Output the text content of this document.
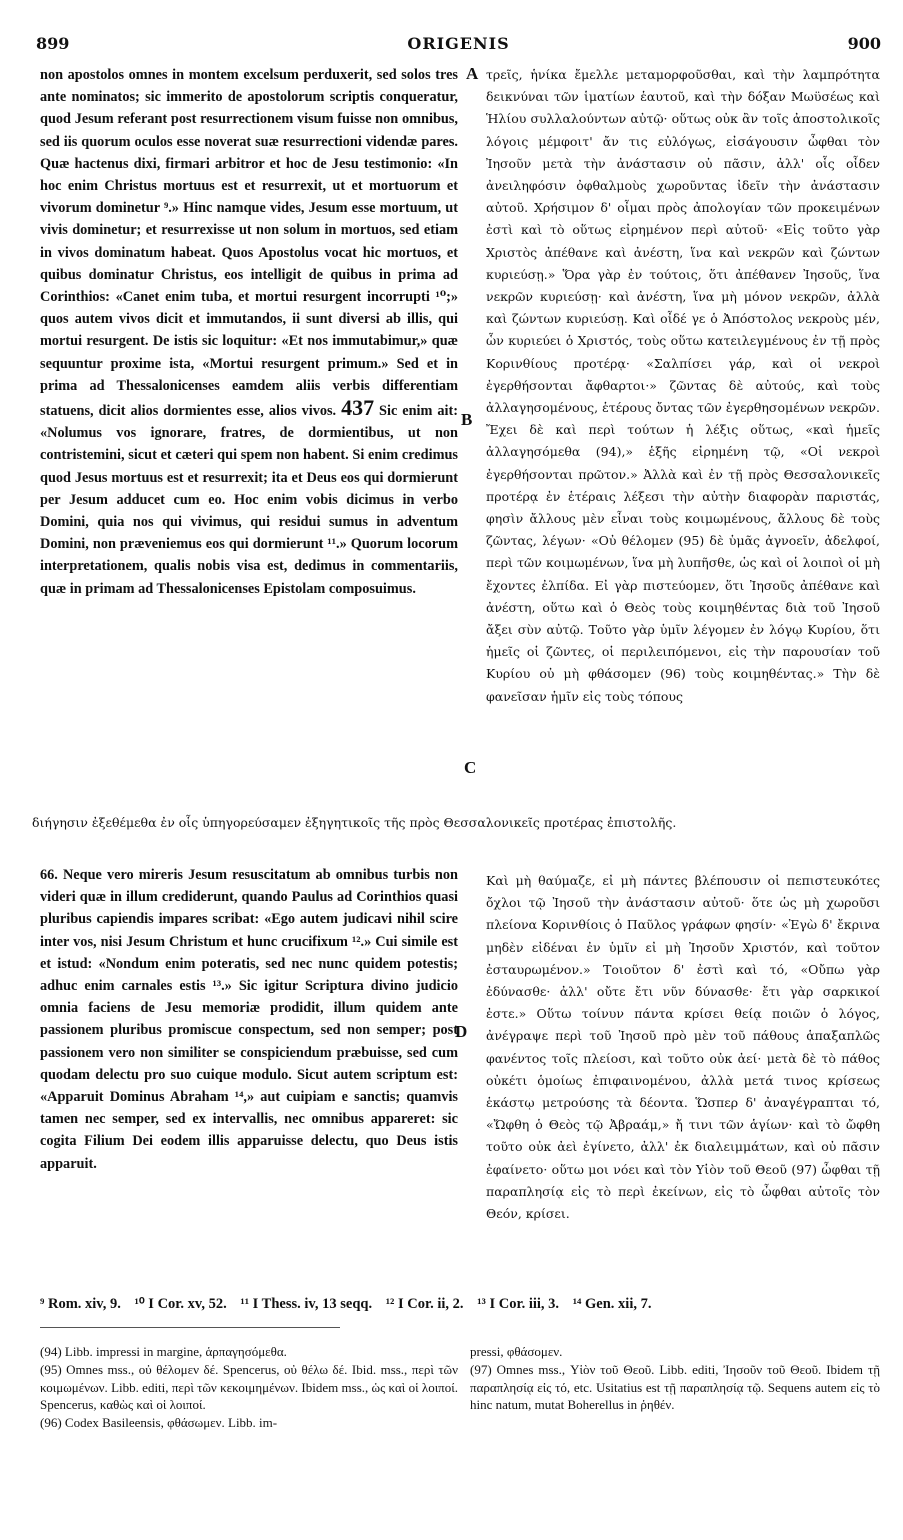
899	ORIGENIS	900
A
B
C
D

non apostolos omnes in montem excelsum perduxerit, sed solos tres ante nominatos; sic immerito de apostolorum scriptis conqueratur, quod Jesum referant post resurrectionem visum fuisse non omnibus, sed iis quorum oculos esse noverat suæ resurrectioni videndæ pares. Quæ hactenus dixi, firmari arbitror et hoc de Jesu testimonio: «In hoc enim Christus mortuus est et resurrexit, ut et mortuorum et vivorum dominetur ⁹.» Hinc namque vides, Jesum esse mortuum, ut vivis dominetur; et resurrexisse ut non solum in mortuos, sed etiam in vivos dominatum habeat. Quos Apostolus vocat hic mortuos, et quibus dominatur Christus, eos intelligit de quibus in prima ad Corinthios: «Canet enim tuba, et mortui resurgent incorrupti ¹⁰;» quos autem vivos dicit et immutandos, ii sunt diversi ab illis, qui mortui resurgent. De istis sic loquitur: «Et nos immutabimur,» quæ sequuntur proxime ista, «Mortui resurgent primum.» Sed et in prima ad Thessalonicenses eamdem aliis verbis differentiam statuens, dicit alios dormientes esse, alios vivos. 437 Sic enim ait: «Nolumus vos ignorare, fratres, de dormientibus, ut non contristemini, sicut et cæteri qui spem non habent. Si enim credimus quod Jesus mortuus est et resurrexit; ita et Deus eos qui dormierunt per Jesum adducet cum eo. Hoc enim vobis dicimus in verbo Domini, quia nos qui vivimus, qui residui sumus in adventum Domini, non præveniemus eos qui dormierunt ¹¹.» Quorum locorum interpretationem, qualis nobis visa est, dedimus in commentariis, quæ in primam ad Thessalonicenses Epistolam composuimus.

τρεῖς, ἡνίκα ἔμελλε μεταμορφοῦσθαι, καὶ τὴν λαμπρότητα δεικνύναι τῶν ἱματίων ἑαυτοῦ, καὶ τὴν δόξαν Μωϋσέως καὶ Ἡλίου συλλαλούντων αὐτῷ· οὕτως οὐκ ἂν τοῖς ἀποστολικοῖς λόγοις μέμφοιτ' ἄν τις εὐλόγως, εἰσάγουσιν ὦφθαι τὸν Ἰησοῦν μετὰ τὴν ἀνάστασιν οὐ πᾶσιν, ἀλλ' οἷς οἶδεν ἀνειληφόσιν ὀφθαλμοὺς χωροῦντας ἰδεῖν τὴν ἀνάστασιν αὐτοῦ. Χρήσιμον δ' οἶμαι πρὸς ἀπολογίαν τῶν προκειμένων ἐστὶ καὶ τὸ οὕτως εἰρημένον περὶ αὐτοῦ· «Εἰς τοῦτο γὰρ Χριστὸς ἀπέθανε καὶ ἀνέστη, ἵνα καὶ νεκρῶν καὶ ζώντων κυριεύσῃ.» Ὅρα γὰρ ἐν τούτοις, ὅτι ἀπέθανεν Ἰησοῦς, ἵνα νεκρῶν κυριεύσῃ· καὶ ἀνέστη, ἵνα μὴ μόνον νεκρῶν, ἀλλὰ καὶ ζώντων κυριεύσῃ. Καὶ οἶδέ γε ὁ Ἀπόστολος νεκροὺς μέν, ὧν κυριεύει ὁ Χριστός, τοὺς οὕτω κατειλεγμένους ἐν τῇ πρὸς Κορινθίους προτέρᾳ· «Σαλπίσει γάρ, καὶ οἱ νεκροὶ ἐγερθήσονται ἄφθαρτοι·» ζῶντας δὲ αὐτούς, καὶ τοὺς ἀλλαγησομένους, ἑτέρους ὄντας τῶν ἐγερθησομένων νεκρῶν. Ἔχει δὲ καὶ περὶ τούτων ἡ λέξις οὕτως, «καὶ ἡμεῖς ἀλλαγησόμεθα (94),» ἑξῆς εἰρημένη τῷ, «Οἱ νεκροὶ ἐγερθήσονται πρῶτον.» Ἀλλὰ καὶ ἐν τῇ πρὸς Θεσσαλονικεῖς προτέρᾳ ἐν ἑτέραις λέξεσι τὴν αὐτὴν διαφορὰν παριστάς, φησὶν ἄλλους μὲν εἶναι τοὺς κοιμωμένους, ἄλλους δὲ τοὺς ζῶντας, λέγων· «Οὐ θέλομεν (95) δὲ ὑμᾶς ἀγνοεῖν, ἀδελφοί, περὶ τῶν κοιμωμένων, ἵνα μὴ λυπῆσθε, ὡς καὶ οἱ λοιποὶ οἱ μὴ ἔχοντες ἐλπίδα. Εἰ γὰρ πιστεύομεν, ὅτι Ἰησοῦς ἀπέθανε καὶ ἀνέστη, οὕτω καὶ ὁ Θεὸς τοὺς κοιμηθέντας διὰ τοῦ Ἰησοῦ ἄξει σὺν αὐτῷ. Τοῦτο γὰρ ὑμῖν λέγομεν ἐν λόγῳ Κυρίου, ὅτι ἡμεῖς οἱ ζῶντες, οἱ περιλειπόμενοι, εἰς τὴν παρουσίαν τοῦ Κυρίου οὐ μὴ φθάσομεν (96) τοὺς κοιμηθέντας.» Τὴν δὲ φανεῖσαν ἡμῖν εἰς τοὺς τόπους

διήγησιν ἐξεθέμεθα ἐν οἷς ὑπηγορεύσαμεν ἐξηγητικοῖς τῆς πρὸς Θεσσαλονικεῖς προτέρας ἐπιστολῆς.

66. Neque vero mireris Jesum resuscitatum ab omnibus turbis non videri quæ in illum crediderunt, quando Paulus ad Corinthios quasi pluribus capiendis impares scribat: «Ego autem judicavi nihil scire inter vos, nisi Jesum Christum et hunc crucifixum ¹².» Cui simile est et istud: «Nondum enim poteratis, sed nec nunc quidem potestis; adhuc enim carnales estis ¹³.» Sic igitur Scriptura divino judicio omnia faciens de Jesu memoriæ prodidit, illum quidem ante passionem pluribus promiscue conspectum, sed non semper; post passionem vero non similiter se conspiciendum præbuisse, sed cum quodam delectu pro suo cuique modulo. Sicut autem scriptum est: «Apparuit Dominus Abraham ¹⁴,» aut cuipiam e sanctis; quamvis tamen nec semper, sed ex intervallis, nec omnibus appareret: sic cogita Filium Dei eodem illis apparuisse delectu, quo Deus istis apparuit.

Καὶ μὴ θαύμαζε, εἰ μὴ πάντες βλέπουσιν οἱ πεπιστευκότες ὄχλοι τῷ Ἰησοῦ τὴν ἀνάστασιν αὐτοῦ· ὅτε ὡς μὴ χωροῦσι πλείονα Κορινθίοις ὁ Παῦλος γράφων φησίν· «Ἐγὼ δ' ἔκρινα μηδὲν εἰδέναι ἐν ὑμῖν εἰ μὴ Ἰησοῦν Χριστόν, καὶ τοῦτον ἐσταυρωμένον.» Τοιοῦτον δ' ἐστὶ καὶ τό, «Οὔπω γὰρ ἐδύνασθε· ἀλλ' οὔτε ἔτι νῦν δύνασθε· ἔτι γὰρ σαρκικοί ἐστε.» Οὕτω τοίνυν πάντα κρίσει θείᾳ ποιῶν ὁ λόγος, ἀνέγραψε περὶ τοῦ Ἰησοῦ πρὸ μὲν τοῦ πάθους ἁπαξαπλῶς φανέντος τοῖς πλείοσι, καὶ τοῦτο οὐκ ἀεί· μετὰ δὲ τὸ πάθος οὐκέτι ὁμοίως ἐπιφαινομένου, ἀλλὰ μετά τινος κρίσεως ἑκάστῳ μετρούσης τὰ δέοντα. Ὥσπερ δ' ἀναγέγραπται τό, «Ὤφθη ὁ Θεὸς τῷ Ἀβραάμ,» ἤ τινι τῶν ἁγίων· καὶ τὸ ὤφθη τοῦτο οὐκ ἀεὶ ἐγίνετο, ἀλλ' ἐκ διαλειμμάτων, καὶ οὐ πᾶσιν ἐφαίνετο· οὕτω μοι νόει καὶ τὸν Υἱὸν τοῦ Θεοῦ (97) ὦφθαι τῇ παραπλησίᾳ εἰς τὸ περὶ ἐκείνων, εἰς τὸ ὦφθαι αὐτοῖς τὸν Θεόν, κρίσει.

⁹ Rom. xiv, 9. ¹⁰ I Cor. xv, 52. ¹¹ I Thess. iv, 13 seqq. ¹² I Cor. ii, 2. ¹³ I Cor. iii, 3. ¹⁴ Gen. xii, 7.

(94) Libb. impressi in margine, ἁρπαγησόμεθα.

(95) Omnes mss., οὐ θέλομεν δέ. Spencerus, οὐ θέλω δέ. Ibid. mss., περὶ τῶν κοιμωμένων. Libb. editi, περὶ τῶν κεκοιμημένων. Ibidem mss., ὡς καὶ οἱ λοιποί. Spencerus, καθὼς καὶ οἱ λοιποί.

(96) Codex Basileensis, φθάσωμεν. Libb. im-

pressi, φθάσομεν.

(97) Omnes mss., Υἱὸν τοῦ Θεοῦ. Libb. editi, Ἰησοῦν τοῦ Θεοῦ. Ibidem τῇ παραπλησίᾳ εἰς τό, etc. Usitatius est τῇ παραπλησίᾳ τῷ. Sequens autem εἰς τὸ hinc natum, mutat Boherellus in ῥηθέν.
